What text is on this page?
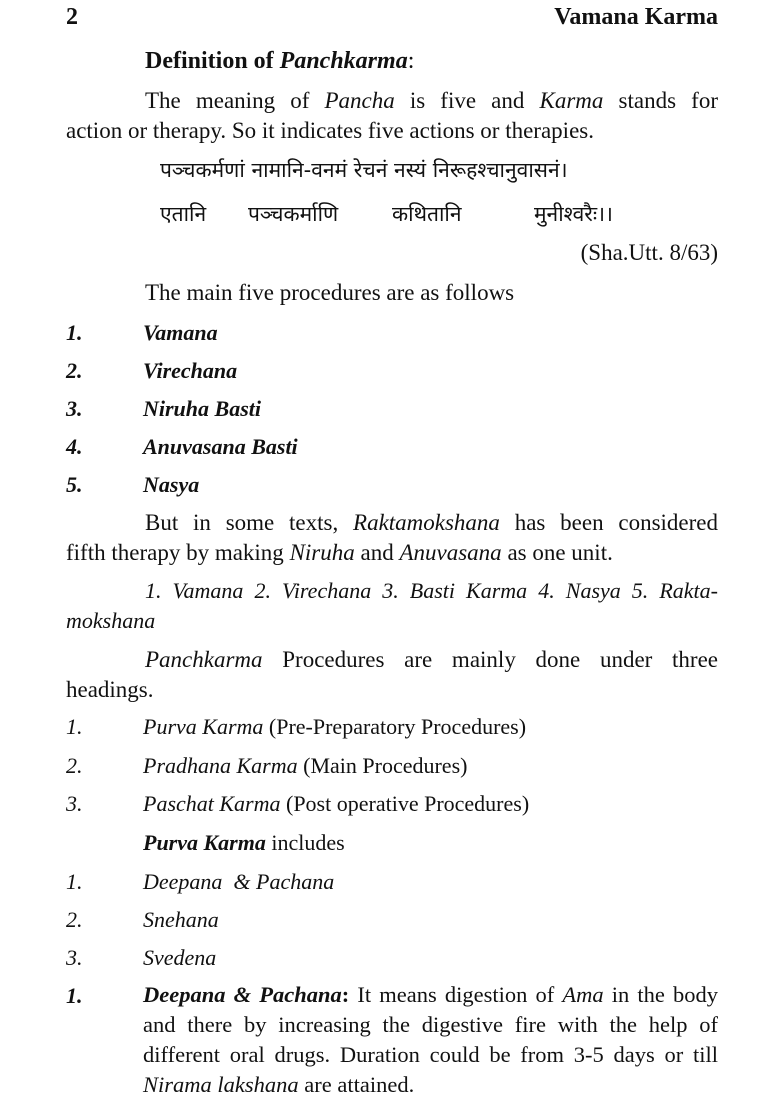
2	Vamana Karma
Definition of Panchkarma:
The meaning of Pancha is five and Karma stands for
action or therapy. So it indicates five actions or therapies.
पञ्चकर्मणां नामानि-वनमं रेचनं नस्यं निरूहश्चानुवासनं।
एतानि पञ्चकर्माणि	कथितानि	मुनीश्वरैः।।
(Sha.Utt. 8/63)
The main five procedures are as follows
1.	Vamana
2.	Virechana
3.	Niruha Basti
4.	Anuvasana Basti
5.	Nasya
But in some texts, Raktamokshana has been considered
fifth therapy by making Niruha and Anuvasana as one unit.
1. Vamana 2. Virechana 3. Basti Karma 4. Nasya 5. Rakta-
mokshana
Panchkarma Procedures are mainly done under three
headings.
1.	Purva Karma (Pre-Preparatory Procedures)
2.	Pradhana Karma (Main Procedures)
3.	Paschat Karma (Post operative Procedures)
Purva Karma includes
1.	Deepana  & Pachana
2.	Snehana
3.	Svedena
1.	Deepana & Pachana: It means digestion of Ama in the body and there by increasing the digestive fire with the help of different oral drugs. Duration could be from 3-5 days or till Nirama lakshana are attained.
